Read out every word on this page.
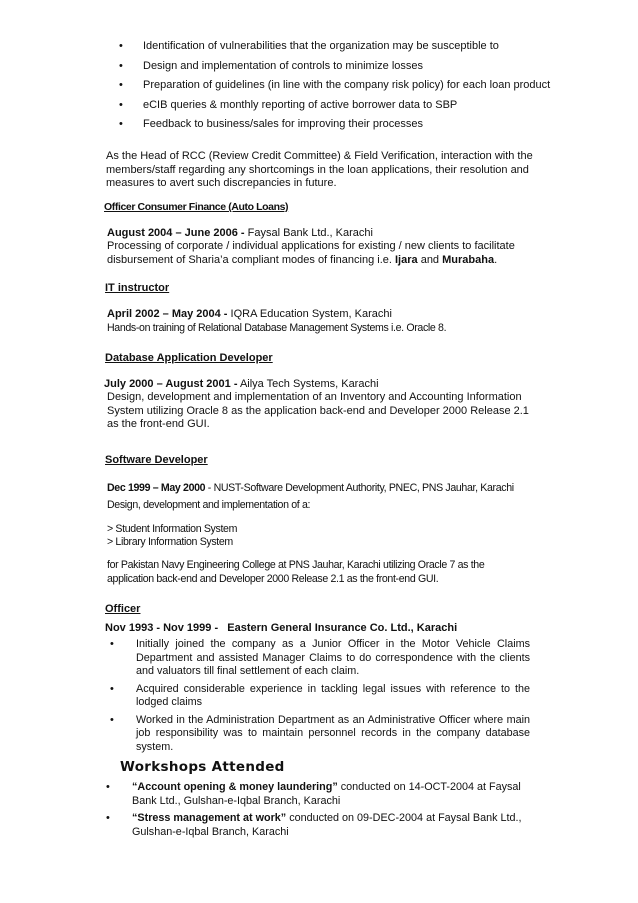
• Identification of vulnerabilities that the organization may be susceptible to
• Design and implementation of controls to minimize losses
• Preparation of guidelines (in line with the company risk policy) for each loan product
• eCIB queries & monthly reporting of active borrower data to SBP
• Feedback to business/sales for improving their processes
As the Head of RCC (Review Credit Committee) & Field Verification, interaction with the members/staff regarding any shortcomings in the loan applications, their resolution and measures to avert such discrepancies in future.
Officer Consumer Finance (Auto Loans)
August 2004 – June 2006 - Faysal Bank Ltd., Karachi
Processing of corporate / individual applications for existing / new clients to facilitate disbursement of Sharia’a compliant modes of financing i.e. Ijara and Murabaha.
IT instructor
April 2002 – May 2004 - IQRA Education System, Karachi
Hands-on training of Relational Database Management Systems i.e. Oracle 8.
Database Application Developer
July 2000 – August 2001 - Ailya Tech Systems, Karachi
Design, development and implementation of an Inventory and Accounting Information System utilizing Oracle 8 as the application back-end and Developer 2000 Release 2.1 as the front-end GUI.
Software Developer
Dec 1999 – May 2000 - NUST-Software Development Authority, PNEC, PNS Jauhar, Karachi
Design, development and implementation of a:
> Student Information System
> Library Information System
for Pakistan Navy Engineering College at PNS Jauhar, Karachi utilizing Oracle 7 as the application back-end and Developer 2000 Release 2.1 as the front-end GUI.
Officer
Nov 1993 - Nov 1999 -   Eastern General Insurance Co. Ltd., Karachi
• Initially joined the company as a Junior Officer in the Motor Vehicle Claims Department and assisted Manager Claims to do correspondence with the clients and valuators till final settlement of each claim.
• Acquired considerable experience in tackling legal issues with reference to the lodged claims
• Worked in the Administration Department as an Administrative Officer where main job responsibility was to maintain personnel records in the company database system.
Workshops Attended
• “Account opening & money laundering” conducted on 14-OCT-2004 at Faysal Bank Ltd., Gulshan-e-Iqbal Branch, Karachi
• “Stress management at work” conducted on 09-DEC-2004 at Faysal Bank Ltd., Gulshan-e-Iqbal Branch, Karachi
